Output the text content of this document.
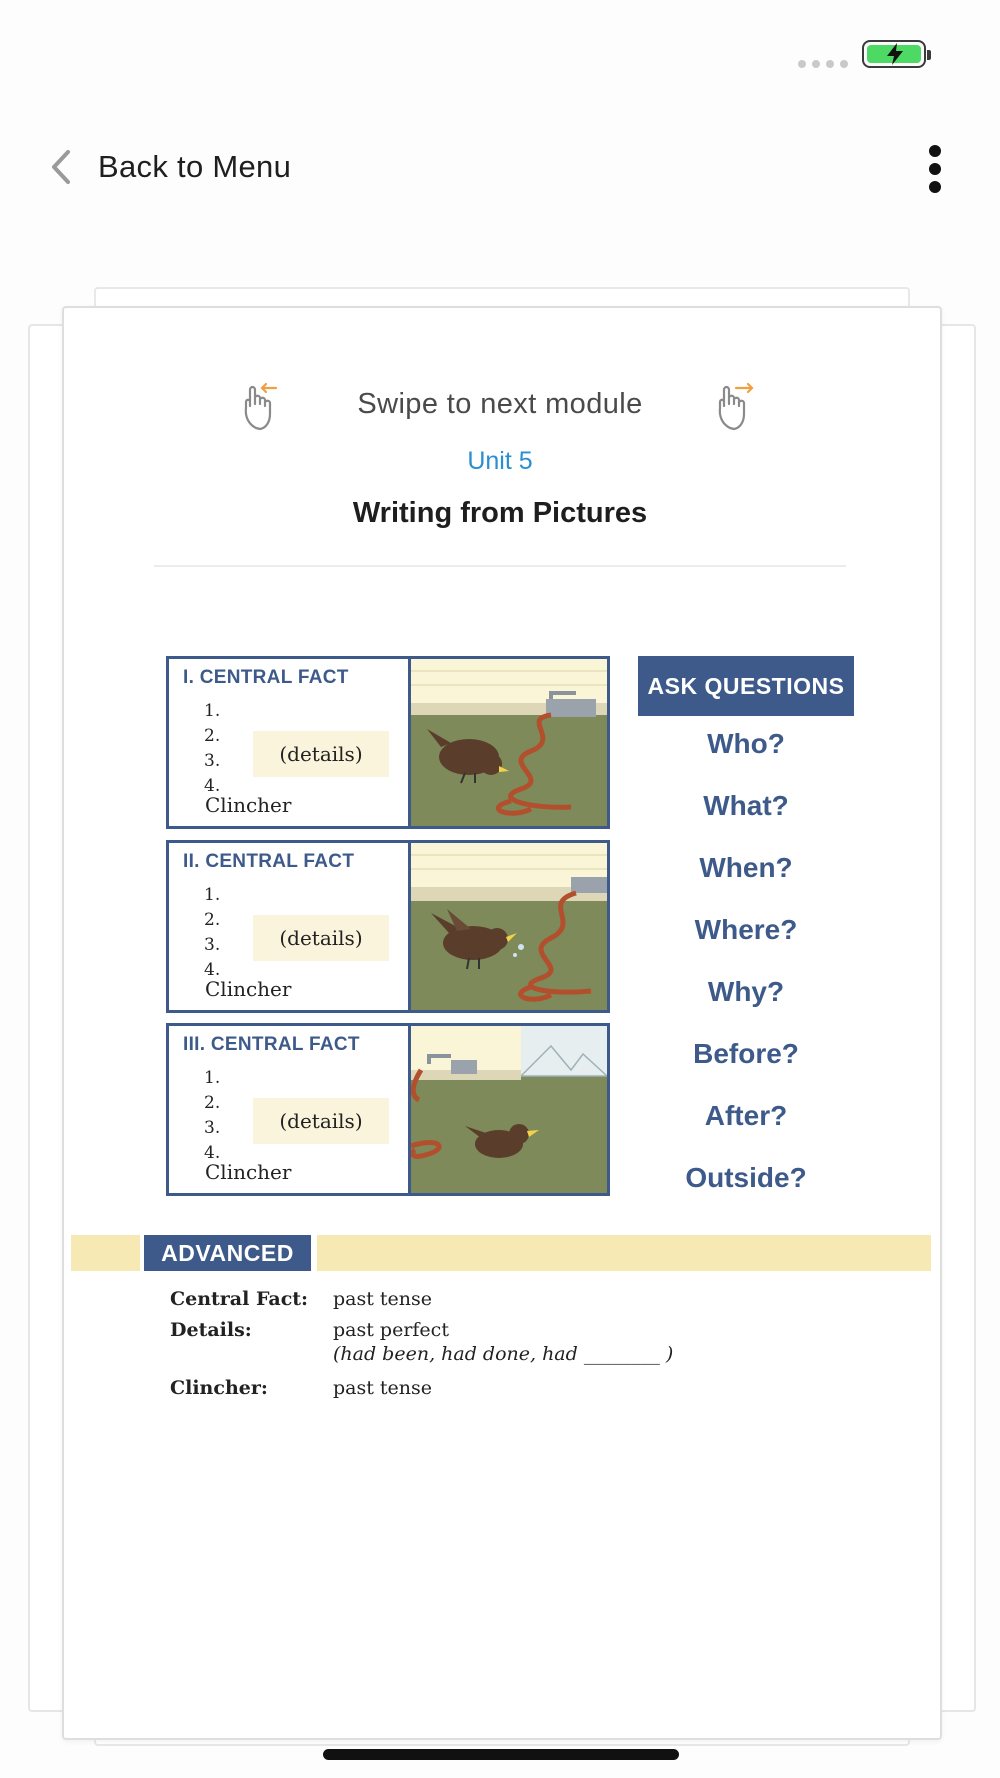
Back to Menu
Swipe to next module
Unit 5
Writing from Pictures
I. CENTRAL FACT
1.
2.
3.
4.
(details)
Clincher
II. CENTRAL FACT
1.
2.
3.
4.
(details)
Clincher
III. CENTRAL FACT
1.
2.
3.
4.
(details)
Clincher
ASK QUESTIONS
Who?
What?
When?
Where?
Why?
Before?
After?
Outside?
ADVANCED
Central Fact: past tense
Details:	past perfect
(had been, had done, had ________ )
Clincher:	past tense
